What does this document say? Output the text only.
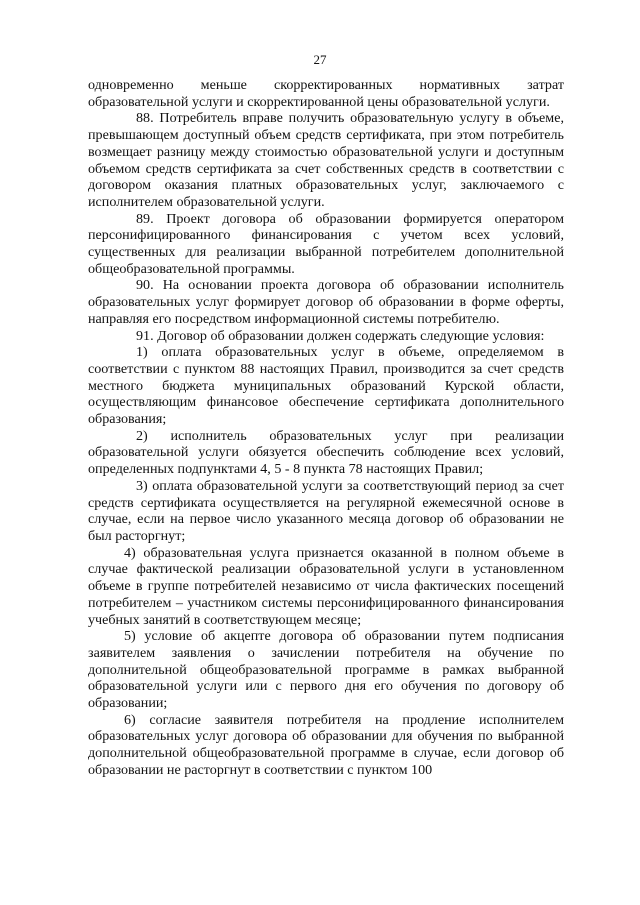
27

одновременно меньше скорректированных нормативных затрат образовательной услуги и скорректированной цены образовательной услуги.

88. Потребитель вправе получить образовательную услугу в объеме, превышающем доступный объем средств сертификата, при этом потребитель возмещает разницу между стоимостью образовательной услуги и доступным объемом средств сертификата за счет собственных средств в соответствии с договором оказания платных образовательных услуг, заключаемого с исполнителем образовательной услуги.

89. Проект договора об образовании формируется оператором персонифицированного финансирования с учетом всех условий, существенных для реализации выбранной потребителем дополнительной общеобразовательной программы.

90. На основании проекта договора об образовании исполнитель образовательных услуг формирует договор об образовании в форме оферты, направляя его посредством информационной системы потребителю.

91. Договор об образовании должен содержать следующие условия:

1) оплата образовательных услуг в объеме, определяемом в соответствии с пунктом 88 настоящих Правил, производится за счет средств местного бюджета муниципальных образований Курской области, осуществляющим финансовое обеспечение сертификата дополнительного образования;

2) исполнитель образовательных услуг при реализации образовательной услуги обязуется обеспечить соблюдение всех условий, определенных подпунктами 4, 5 - 8 пункта 78 настоящих Правил;

3) оплата образовательной услуги за соответствующий период за счет средств сертификата осуществляется на регулярной ежемесячной основе в случае, если на первое число указанного месяца договор об образовании не был расторгнут;

4) образовательная услуга признается оказанной в полном объеме в случае фактической реализации образовательной услуги в установленном объеме в группе потребителей независимо от числа фактических посещений потребителем – участником системы персонифицированного финансирования учебных занятий в соответствующем месяце;

5) условие об акцепте договора об образовании путем подписания заявителем заявления о зачислении потребителя на обучение по дополнительной общеобразовательной программе в рамках выбранной образовательной услуги или с первого дня его обучения по договору об образовании;

6) согласие заявителя потребителя на продление исполнителем образовательных услуг договора об образовании для обучения по выбранной дополнительной общеобразовательной программе в случае, если договор об образовании не расторгнут в соответствии с пунктом 100
